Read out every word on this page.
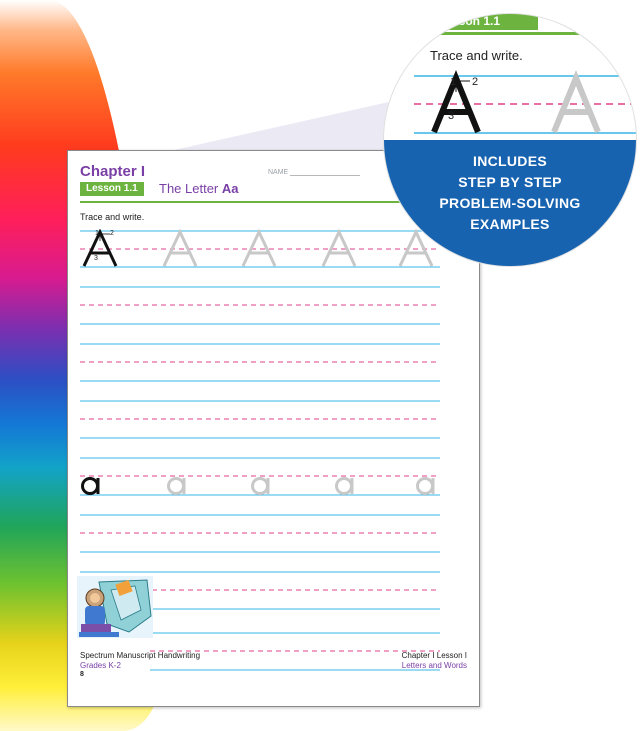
Chapter I	NAME
Lesson 1.1	The Letter Aa
Trace and write.
1 2
3
Spectrum Manuscript Handwriting
Grades K-2
8
Chapter I Lesson I
Letters and Words
Lesson 1.1
Trace and write.
1 2
3
INCLUDES
STEP BY STEP
PROBLEM-SOLVING
EXAMPLES
